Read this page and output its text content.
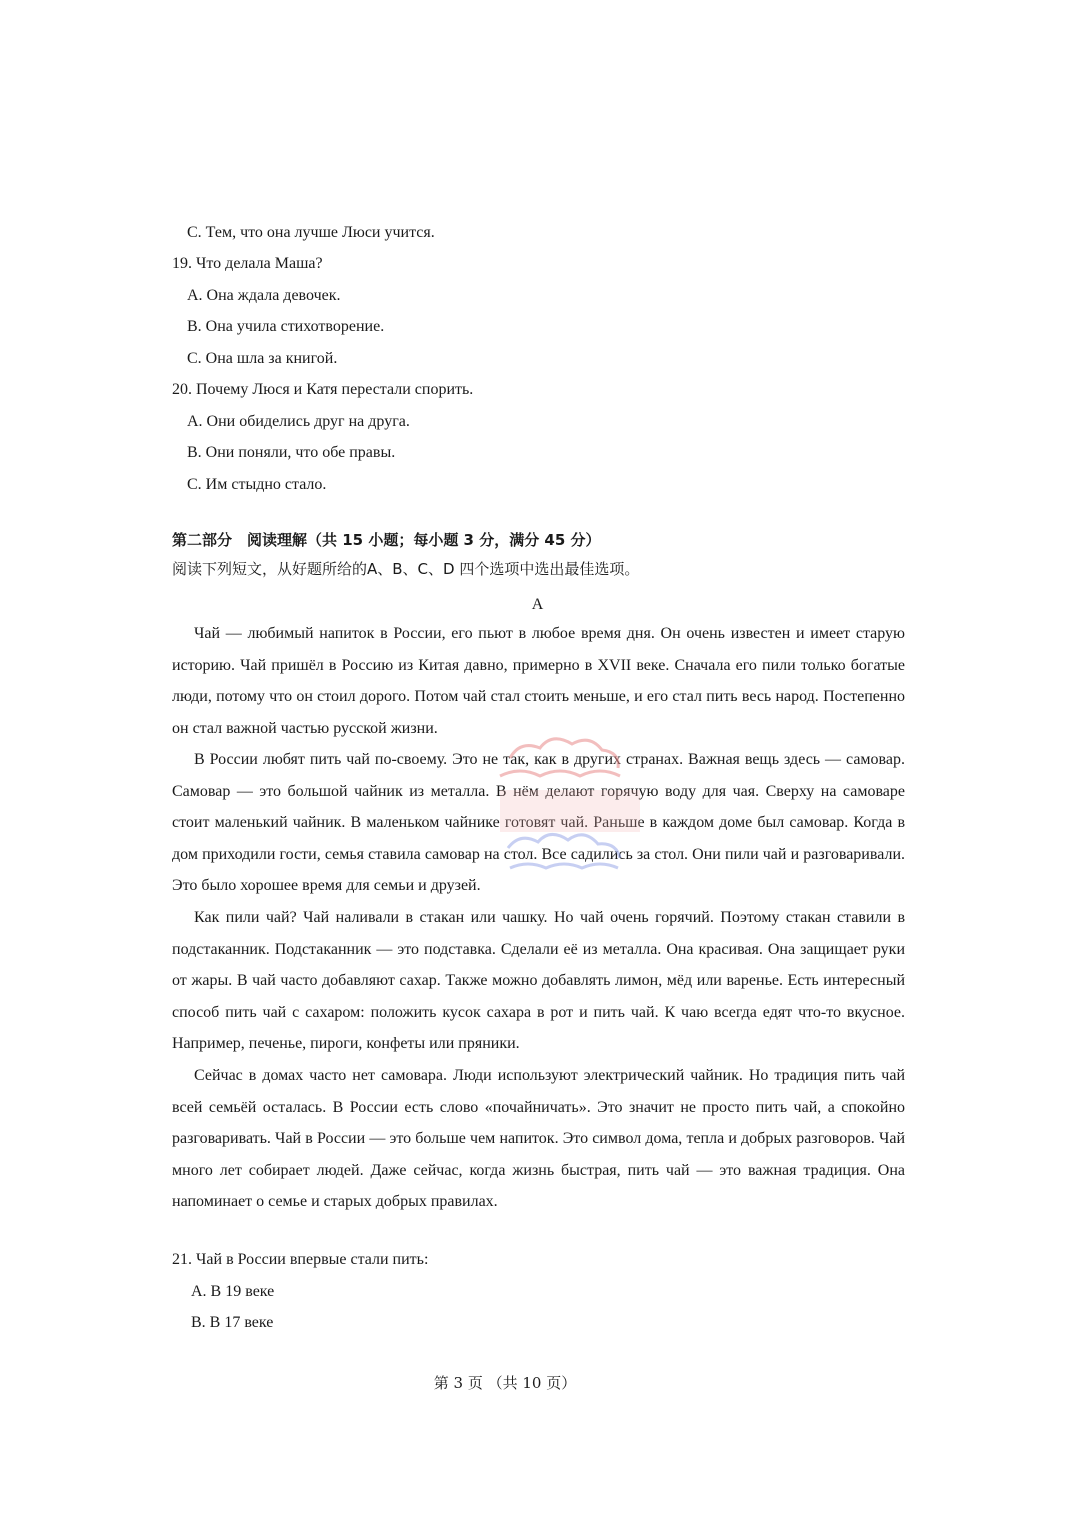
C. Тем, что она лучше Люси учится.
19. Что делала Маша?
A. Она ждала девочек.
B. Она учила стихотворение.
C. Она шла за книгой.
20. Почему Люся и Катя перестали спорить.
A. Они обиделись друг на друга.
B. Они поняли, что обе правы.
C. Им стыдно стало.
第二部分　阅读理解（共 15 小题；每小题 3 分，满分 45 分）
阅读下列短文，从好题所给的A、B、C、D 四个选项中选出最佳选项。
A
Чай — любимый напиток в России, его пьют в любое время дня. Он очень известен и имеет старую историю. Чай пришёл в Россию из Китая давно, примерно в XVII веке. Сначала его пили только богатые люди, потому что он стоил дорого. Потом чай стал стоить меньше, и его стал пить весь народ. Постепенно он стал важной частью русской жизни.
В России любят пить чай по-своему. Это не так, как в других странах. Важная вещь здесь — самовар. Самовар — это большой чайник из металла. В нём делают горячую воду для чая. Сверху на самоваре стоит маленький чайник. В маленьком чайнике готовят чай. Раньше в каждом доме был самовар. Когда в дом приходили гости, семья ставила самовар на стол. Все садились за стол. Они пили чай и разговаривали. Это было хорошее время для семьи и друзей.
Как пили чай? Чай наливали в стакан или чашку. Но чай очень горячий. Поэтому стакан ставили в подстаканник. Подстаканник — это подставка. Сделали её из металла. Она красивая. Она защищает руки от жары. В чай часто добавляют сахар. Также можно добавлять лимон, мёд или варенье. Есть интересный способ пить чай с сахаром: положить кусок сахара в рот и пить чай. К чаю всегда едят что-то вкусное. Например, печенье, пироги, конфеты или пряники.
Сейчас в домах часто нет самовара. Люди используют электрический чайник. Но традиция пить чай всей семьёй осталась. В России есть слово «почайничать». Это значит не просто пить чай, а спокойно разговаривать. Чай в России — это больше чем напиток. Это символ дома, тепла и добрых разговоров. Чай много лет собирает людей. Даже сейчас, когда жизнь быстрая, пить чай — это важная традиция. Она напоминает о семье и старых добрых правилах.
21. Чай в России впервые стали пить:
A. В 19 веке
B. В 17 веке
第 3 页 （共 10 页）
